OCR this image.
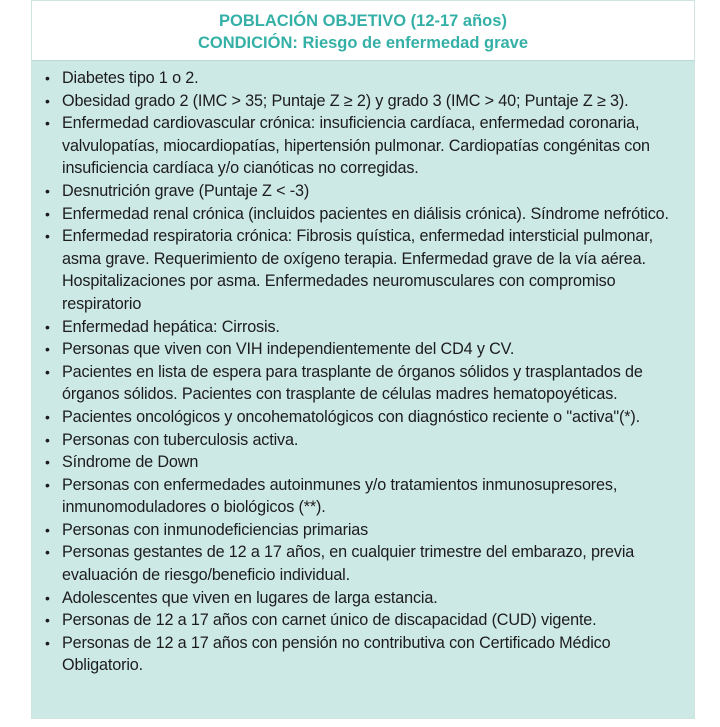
POBLACIÓN OBJETIVO (12-17 años)
CONDICIÓN: Riesgo de enfermedad grave
• Diabetes tipo 1 o 2.
• Obesidad grado 2 (IMC > 35; Puntaje Z ≥ 2) y grado 3 (IMC > 40; Puntaje Z ≥ 3).
• Enfermedad cardiovascular crónica: insuficiencia cardíaca, enfermedad coronaria, valvulopatías, miocardiopatías, hipertensión pulmonar. Cardiopatías congénitas con insuficiencia cardíaca y/o cianóticas no corregidas.
• Desnutrición grave (Puntaje Z < -3)
• Enfermedad renal crónica (incluidos pacientes en diálisis crónica). Síndrome nefrótico.
• Enfermedad respiratoria crónica: Fibrosis quística, enfermedad intersticial pulmonar, asma grave. Requerimiento de oxígeno terapia. Enfermedad grave de la vía aérea. Hospitalizaciones por asma. Enfermedades neuromusculares con compromiso respiratorio
• Enfermedad hepática: Cirrosis.
• Personas que viven con VIH independientemente del CD4 y CV.
• Pacientes en lista de espera para trasplante de órganos sólidos y trasplantados de órganos sólidos. Pacientes con trasplante de células madres hematopoyéticas.
• Pacientes oncológicos y oncohematológicos con diagnóstico reciente o "activa"(*).
• Personas con tuberculosis activa.
• Síndrome de Down
• Personas con enfermedades autoinmunes y/o tratamientos inmunosupresores, inmunomoduladores o biológicos (**).
• Personas con inmunodeficiencias primarias
• Personas gestantes de 12 a 17 años, en cualquier trimestre del embarazo, previa evaluación de riesgo/beneficio individual.
• Adolescentes que viven en lugares de larga estancia.
• Personas de 12 a 17 años con carnet único de discapacidad (CUD) vigente.
• Personas de 12 a 17 años con pensión no contributiva con Certificado Médico Obligatorio.
